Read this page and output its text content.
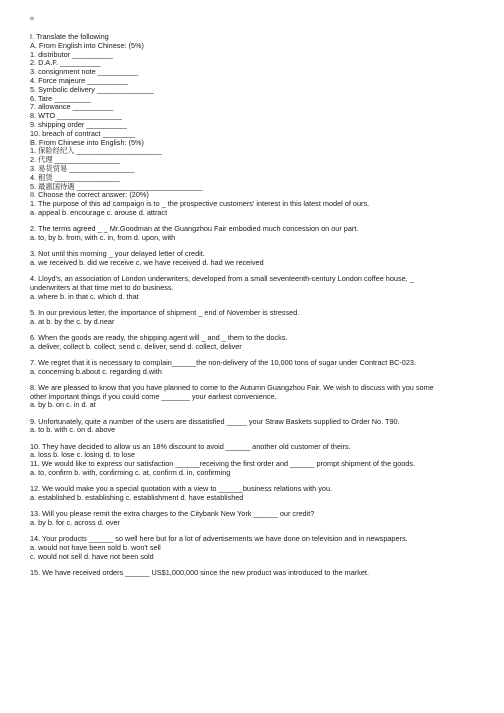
¤
I. Translate the following
A. From English into Chinese: (5%)
1. distributor __________
2. D.A.F. __________
3. consignment note __________
4. Force majeure __________
5. Symbolic delivery ______________
6. Tare _________
7. allowance __________
8. WTO ________________
9. shipping order __________
10. breach of contract ________
B. From Chinese into English: (5%)
1. 保险经纪人 _____________________
2. 代理 ________________
3. 易货贸易 ________________
4. 租赁 ________________
5. 最惠国待遇 _______________________________
II. Choose the correct answer: (20%)
1. The purpose of this ad campaign is to _ the prospective customers' interest in this latest model of ours.
a. appeal b. encourage c. arouse d. attract
2. The terms agreed _ _ Mr.Goodman at the Guangzhou Fair embodied much concession on our part.
a. to, by b. from, with c. in, from d. upon, with
3. Not until this morning _ your delayed letter of credit.
a. we received b. did we receive c. we have received d. had we received
4. Lloyd's, an association of London underwriters, developed from a small seventeenth-century London coffee house, _
underwriters at that time met to do business.
a. where b. in that c. which d. that
5. In our previous letter, the importance of shipment _ end of November is stressed.
a. at b. by the c. by d.near
6. When the goods are ready, the shipping agent will _ and _ them to the docks.
a. deliver, collect b. collect, send c. deliver, send d. collect, deliver
7. We regret that it is necessary to complain______the non-delivery of the 10,000 tons of sugar under Contract BC-023.
a. concerning b.about c. regarding d.with
8. We are pleased to know that you have planned to come to the Autumn Guangzhou Fair. We wish to discuss with you some
other important things if you could come _______ your earliest convenience.
a. by b. on c. in d. at
9. Unfortunately, quite a number of the users are dissatisfied _____ your Straw Baskets supplied to Order No. T90.
a. to b. with c. on d. above
10. They have decided to allow us an 18% discount to avoid ______ another old customer of theirs.
a. loss b. lose c. losing d. to lose
11. We would like to express our satisfaction ______receiving the first order and ______ prompt shipment of the goods.
a. to, confirm b. with, confirming c. at, confirm d. in, confirming
12. We would make you a special quotation with a view to ______business relations with you.
a. established b. establishing c. establishment d. have established
13. Will you please remit the extra charges to the Citybank New York ______ our credit?
a. by b. for c. across d. over
14. Your products ______ so well here but for a lot of advertisements we have done on television and in newspapers.
a. would not have been sold b. won't sell
c. would not sell d. have not been sold
15. We have received orders ______ US$1,000,000 since the new product was introduced to the market.
